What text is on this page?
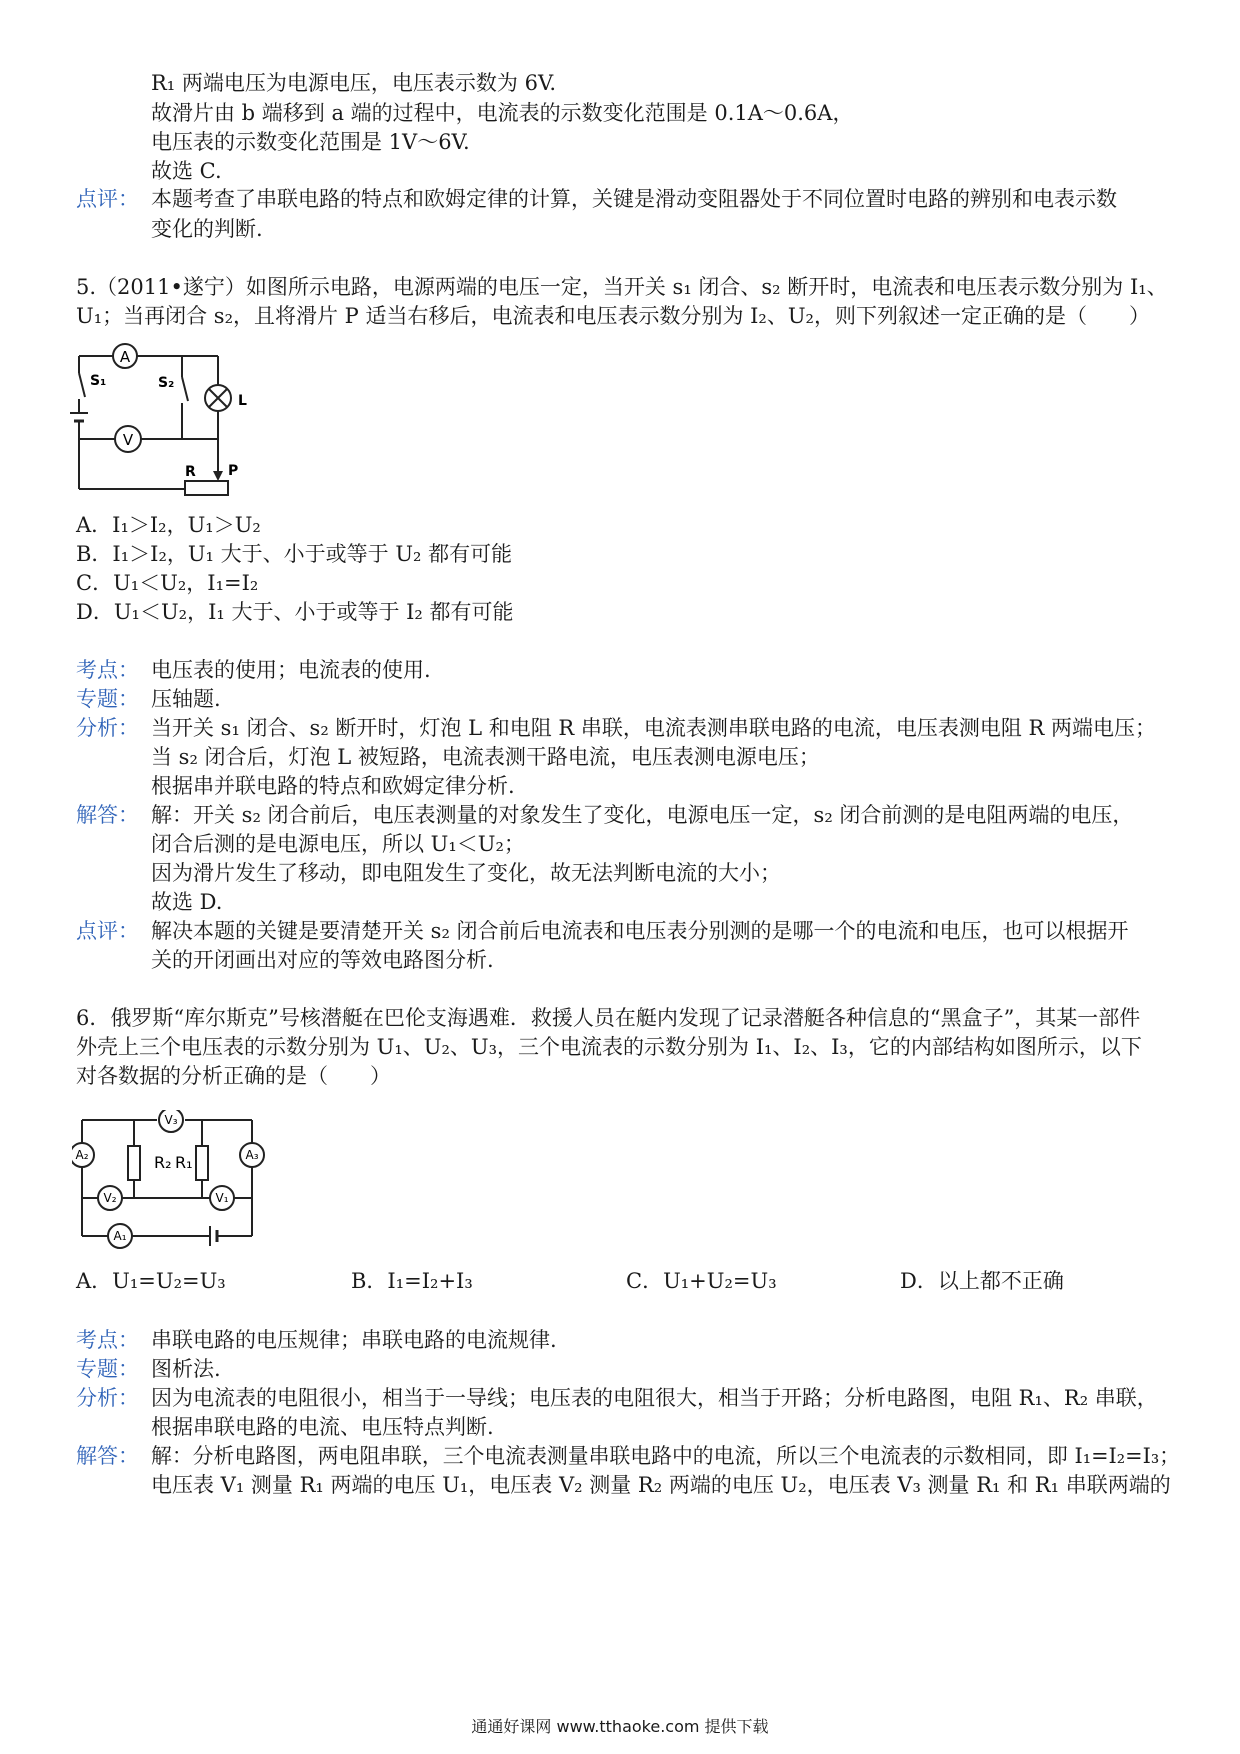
R₁ 两端电压为电源电压，电压表示数为 6V.
故滑片由 b 端移到 a 端的过程中，电流表的示数变化范围是 0.1A～0.6A，
电压表的示数变化范围是 1V～6V.
故选 C.
点评： 本题考查了串联电路的特点和欧姆定律的计算，关键是滑动变阻器处于不同位置时电路的辨别和电表示数
变化的判断.
5.（2011•遂宁）如图所示电路，电源两端的电压一定，当开关 s₁ 闭合、s₂ 断开时，电流表和电压表示数分别为 I₁、
U₁；当再闭合 s₂，且将滑片 P 适当右移后，电流表和电压表示数分别为 I₂、U₂，则下列叙述一定正确的是（　　）
A
V
S₁	S₂
L
R P
A．I₁＞I₂，U₁＞U₂
B．I₁＞I₂，U₁ 大于、小于或等于 U₂ 都有可能
C．U₁＜U₂，I₁=I₂
D．U₁＜U₂，I₁ 大于、小于或等于 I₂ 都有可能
考点： 电压表的使用；电流表的使用.
专题： 压轴题.
分析： 当开关 s₁ 闭合、s₂ 断开时，灯泡 L 和电阻 R 串联，电流表测串联电路的电流，电压表测电阻 R 两端电压；
当 s₂ 闭合后，灯泡 L 被短路，电流表测干路电流，电压表测电源电压；
根据串并联电路的特点和欧姆定律分析.
解答： 解：开关 s₂ 闭合前后，电压表测量的对象发生了变化，电源电压一定，s₂ 闭合前测的是电阻两端的电压，
闭合后测的是电源电压，所以 U₁＜U₂；
因为滑片发生了移动，即电阻发生了变化，故无法判断电流的大小；
故选 D.
点评： 解决本题的关键是要清楚开关 s₂ 闭合前后电流表和电压表分别测的是哪一个的电流和电压，也可以根据开
关的开闭画出对应的等效电路图分析.
6．俄罗斯“库尔斯克”号核潜艇在巴伦支海遇难．救援人员在艇内发现了记录潜艇各种信息的“黑盒子”，其某一部件
外壳上三个电压表的示数分别为 U₁、U₂、U₃，三个电流表的示数分别为 I₁、I₂、I₃，它的内部结构如图所示，以下
对各数据的分析正确的是（　　）
V₃
A₂	A₃
V₂	V₁
A₁
R₂ R₁
A．U₁=U₂=U₃	B．I₁=I₂+I₃	C．U₁+U₂=U₃	D．以上都不正确
考点： 串联电路的电压规律；串联电路的电流规律.
专题： 图析法.
分析： 因为电流表的电阻很小，相当于一导线；电压表的电阻很大，相当于开路；分析电路图，电阻 R₁、R₂ 串联，
根据串联电路的电流、电压特点判断.
解答： 解：分析电路图，两电阻串联，三个电流表测量串联电路中的电流，所以三个电流表的示数相同，即 I₁=I₂=I₃；
电压表 V₁ 测量 R₁ 两端的电压 U₁，电压表 V₂ 测量 R₂ 两端的电压 U₂，电压表 V₃ 测量 R₁ 和 R₁ 串联两端的
通通好课网 www.tthaoke.com 提供下载
